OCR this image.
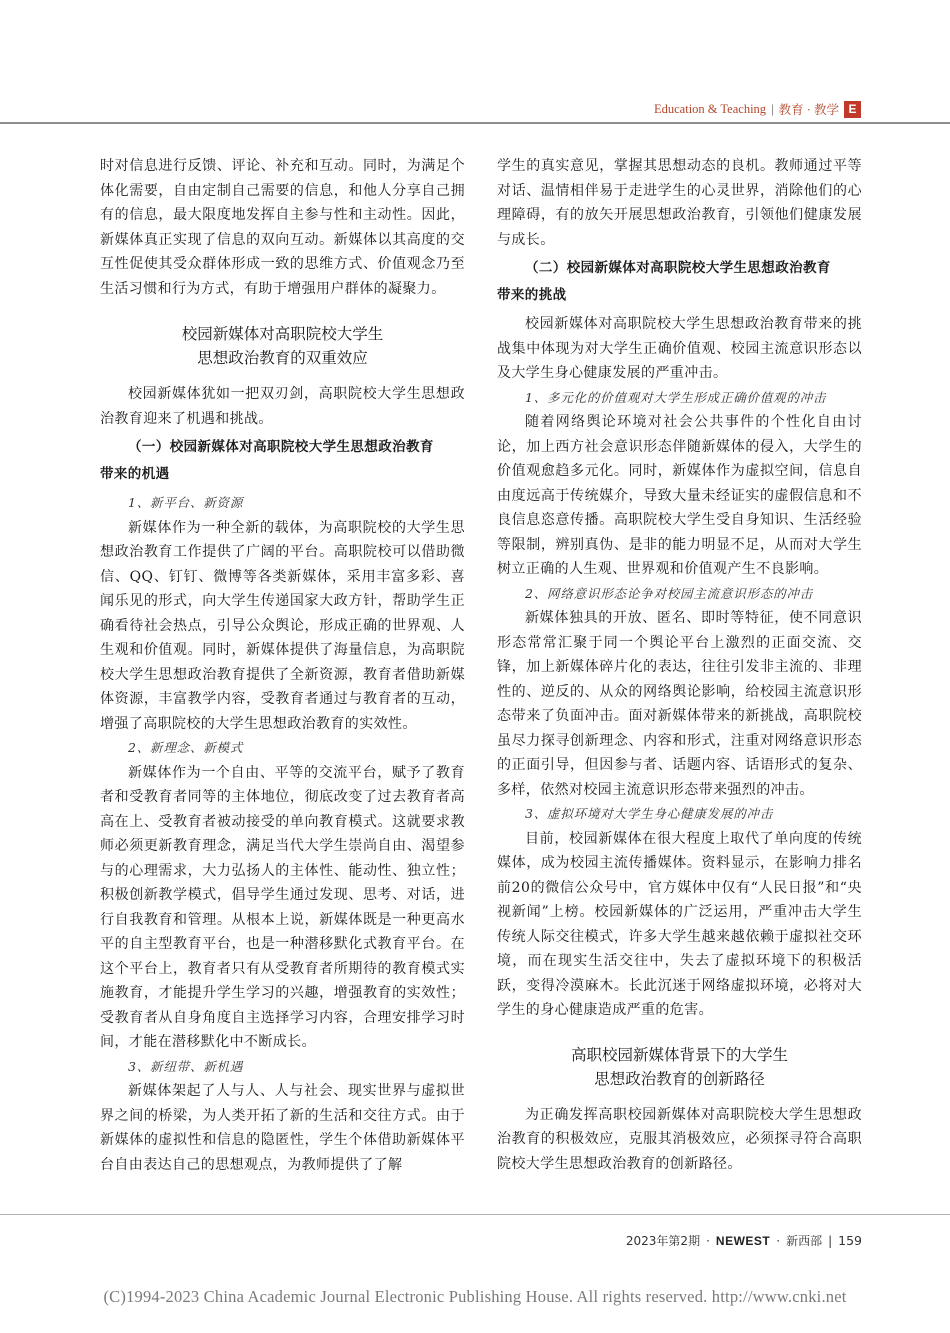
Education & Teaching | 教育 · 教学 E

时对信息进行反馈、评论、补充和互动。同时，为满足个体化需要，自由定制自己需要的信息，和他人分享自己拥有的信息，最大限度地发挥自主参与性和主动性。因此，新媒体真正实现了信息的双向互动。新媒体以其高度的交互性促使其受众群体形成一致的思维方式、价值观念乃至生活习惯和行为方式，有助于增强用户群体的凝聚力。

校园新媒体对高职院校大学生
思想政治教育的双重效应

校园新媒体犹如一把双刃剑，高职院校大学生思想政治教育迎来了机遇和挑战。

（一）校园新媒体对高职院校大学生思想政治教育
带来的机遇
1、新平台、新资源

新媒体作为一种全新的载体，为高职院校的大学生思想政治教育工作提供了广阔的平台。高职院校可以借助微信、QQ、钉钉、微博等各类新媒体，采用丰富多彩、喜闻乐见的形式，向大学生传递国家大政方针，帮助学生正确看待社会热点，引导公众舆论，形成正确的世界观、人生观和价值观。同时，新媒体提供了海量信息，为高职院校大学生思想政治教育提供了全新资源，教育者借助新媒体资源，丰富教学内容，受教育者通过与教育者的互动，增强了高职院校的大学生思想政治教育的实效性。

2、新理念、新模式

新媒体作为一个自由、平等的交流平台，赋予了教育者和受教育者同等的主体地位，彻底改变了过去教育者高高在上、受教育者被动接受的单向教育模式。这就要求教师必须更新教育理念，满足当代大学生崇尚自由、渴望参与的心理需求，大力弘扬人的主体性、能动性、独立性；积极创新教学模式，倡导学生通过发现、思考、对话，进行自我教育和管理。从根本上说，新媒体既是一种更高水平的自主型教育平台，也是一种潜移默化式教育平台。在这个平台上，教育者只有从受教育者所期待的教育模式实施教育，才能提升学生学习的兴趣，增强教育的实效性；受教育者从自身角度自主选择学习内容，合理安排学习时间，才能在潜移默化中不断成长。

3、新纽带、新机遇

新媒体架起了人与人、人与社会、现实世界与虚拟世界之间的桥梁，为人类开拓了新的生活和交往方式。由于新媒体的虚拟性和信息的隐匿性，学生个体借助新媒体平台自由表达自己的思想观点，为教师提供了了解

学生的真实意见，掌握其思想动态的良机。教师通过平等对话、温情相伴易于走进学生的心灵世界，消除他们的心理障碍，有的放矢开展思想政治教育，引领他们健康发展与成长。

（二）校园新媒体对高职院校大学生思想政治教育
带来的挑战

校园新媒体对高职院校大学生思想政治教育带来的挑战集中体现为对大学生正确价值观、校园主流意识形态以及大学生身心健康发展的严重冲击。

1、多元化的价值观对大学生形成正确价值观的冲击

随着网络舆论环境对社会公共事件的个性化自由讨论，加上西方社会意识形态伴随新媒体的侵入，大学生的价值观愈趋多元化。同时，新媒体作为虚拟空间，信息自由度远高于传统媒介，导致大量未经证实的虚假信息和不良信息恣意传播。高职院校大学生受自身知识、生活经验等限制，辨别真伪、是非的能力明显不足，从而对大学生树立正确的人生观、世界观和价值观产生不良影响。

2、网络意识形态论争对校园主流意识形态的冲击

新媒体独具的开放、匿名、即时等特征，使不同意识形态常常汇聚于同一个舆论平台上激烈的正面交流、交锋，加上新媒体碎片化的表达，往往引发非主流的、非理性的、逆反的、从众的网络舆论影响，给校园主流意识形态带来了负面冲击。面对新媒体带来的新挑战，高职院校虽尽力探寻创新理念、内容和形式，注重对网络意识形态的正面引导，但因参与者、话题内容、话语形式的复杂、多样，依然对校园主流意识形态带来强烈的冲击。

3、虚拟环境对大学生身心健康发展的冲击

目前，校园新媒体在很大程度上取代了单向度的传统媒体，成为校园主流传播媒体。资料显示，在影响力排名前20的微信公众号中，官方媒体中仅有“人民日报”和“央视新闻”上榜。校园新媒体的广泛运用，严重冲击大学生传统人际交往模式，许多大学生越来越依赖于虚拟社交环境，而在现实生活交往中，失去了虚拟环境下的积极活跃，变得冷漠麻木。长此沉迷于网络虚拟环境，必将对大学生的身心健康造成严重的危害。

高职校园新媒体背景下的大学生
思想政治教育的创新路径

为正确发挥高职校园新媒体对高职院校大学生思想政治教育的积极效应，克服其消极效应，必须探寻符合高职院校大学生思想政治教育的创新路径。

2023年第2期 · NEWEST · 新西部 | 159
(C)1994-2023 China Academic Journal Electronic Publishing House. All rights reserved. http://www.cnki.net
